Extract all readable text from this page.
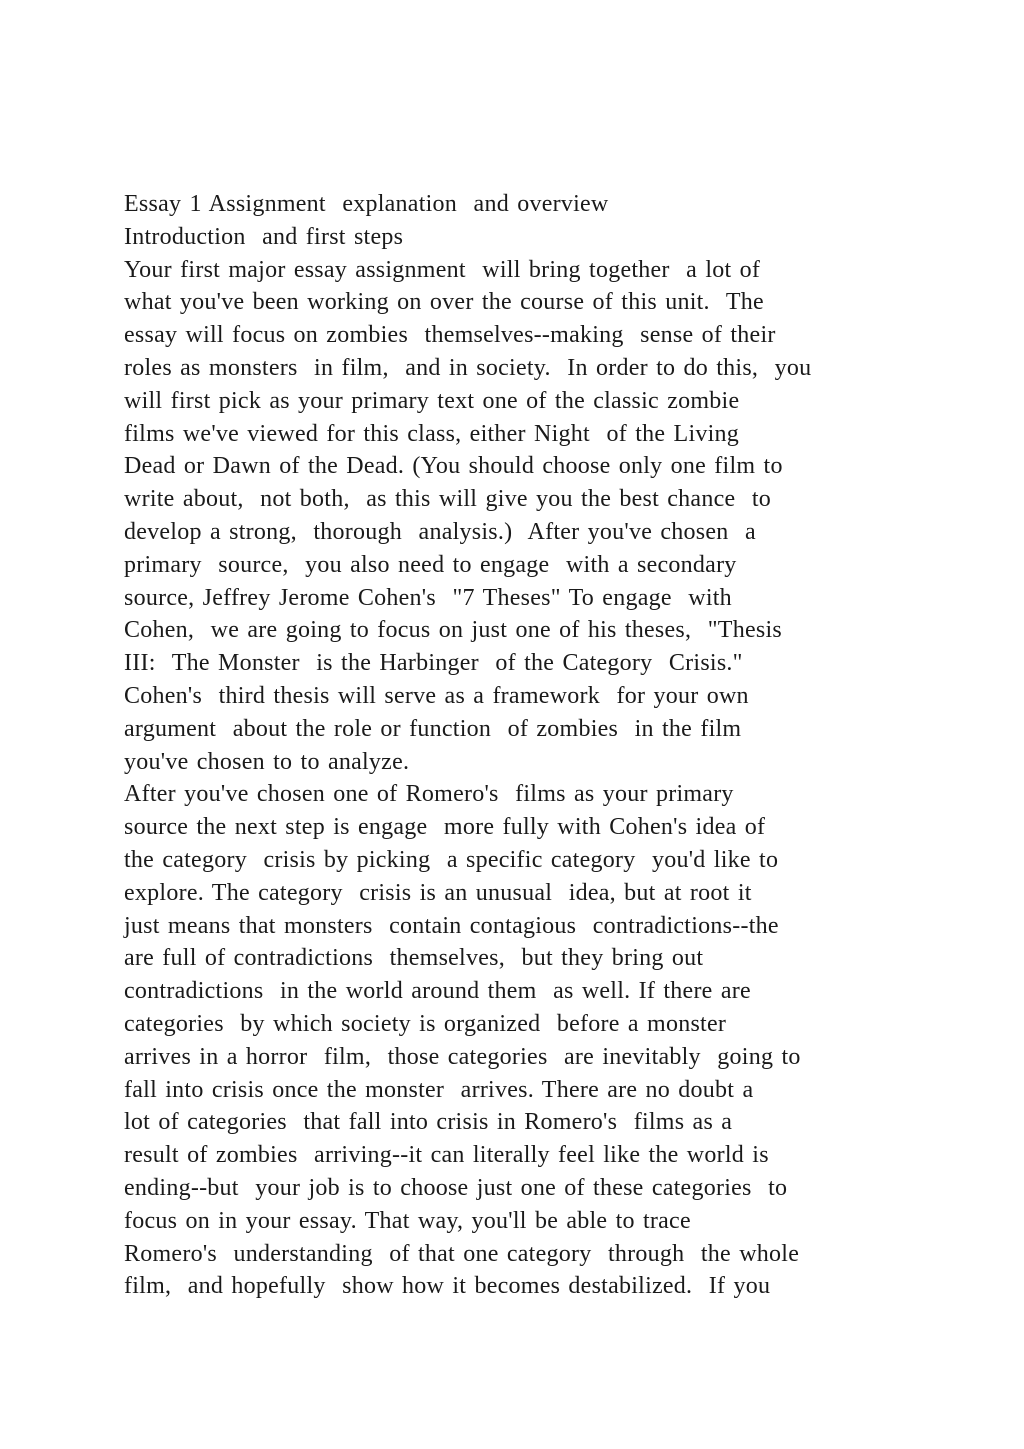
Essay 1 Assignment  explanation  and overview
Introduction  and first steps
Your first major essay assignment  will bring together  a lot of
what you've been working on over the course of this unit.  The
essay will focus on zombies  themselves--making  sense of their
roles as monsters  in film,  and in society.  In order to do this,  you
will first pick as your primary text one of the classic zombie
films we've viewed for this class, either Night  of the Living
Dead or Dawn of the Dead. (You should choose only one film to
write about,  not both,  as this will give you the best chance  to
develop a strong,  thorough  analysis.)  After you've chosen  a
primary  source,  you also need to engage  with a secondary
source, Jeffrey Jerome Cohen's  "7 Theses" To engage  with
Cohen,  we are going to focus on just one of his theses,  "Thesis
III:  The Monster  is the Harbinger  of the Category  Crisis."
Cohen's  third thesis will serve as a framework  for your own
argument  about the role or function  of zombies  in the film
you've chosen to to analyze.
After you've chosen one of Romero's  films as your primary
source the next step is engage  more fully with Cohen's idea of
the category  crisis by picking  a specific category  you'd like to
explore. The category  crisis is an unusual  idea, but at root it
just means that monsters  contain contagious  contradictions--the
are full of contradictions  themselves,  but they bring out
contradictions  in the world around them  as well. If there are
categories  by which society is organized  before a monster
arrives in a horror  film,  those categories  are inevitably  going to
fall into crisis once the monster  arrives. There are no doubt a
lot of categories  that fall into crisis in Romero's  films as a
result of zombies  arriving--it can literally feel like the world is
ending--but  your job is to choose just one of these categories  to
focus on in your essay. That way, you'll be able to trace
Romero's  understanding  of that one category  through  the whole
film,  and hopefully  show how it becomes destabilized.  If you
